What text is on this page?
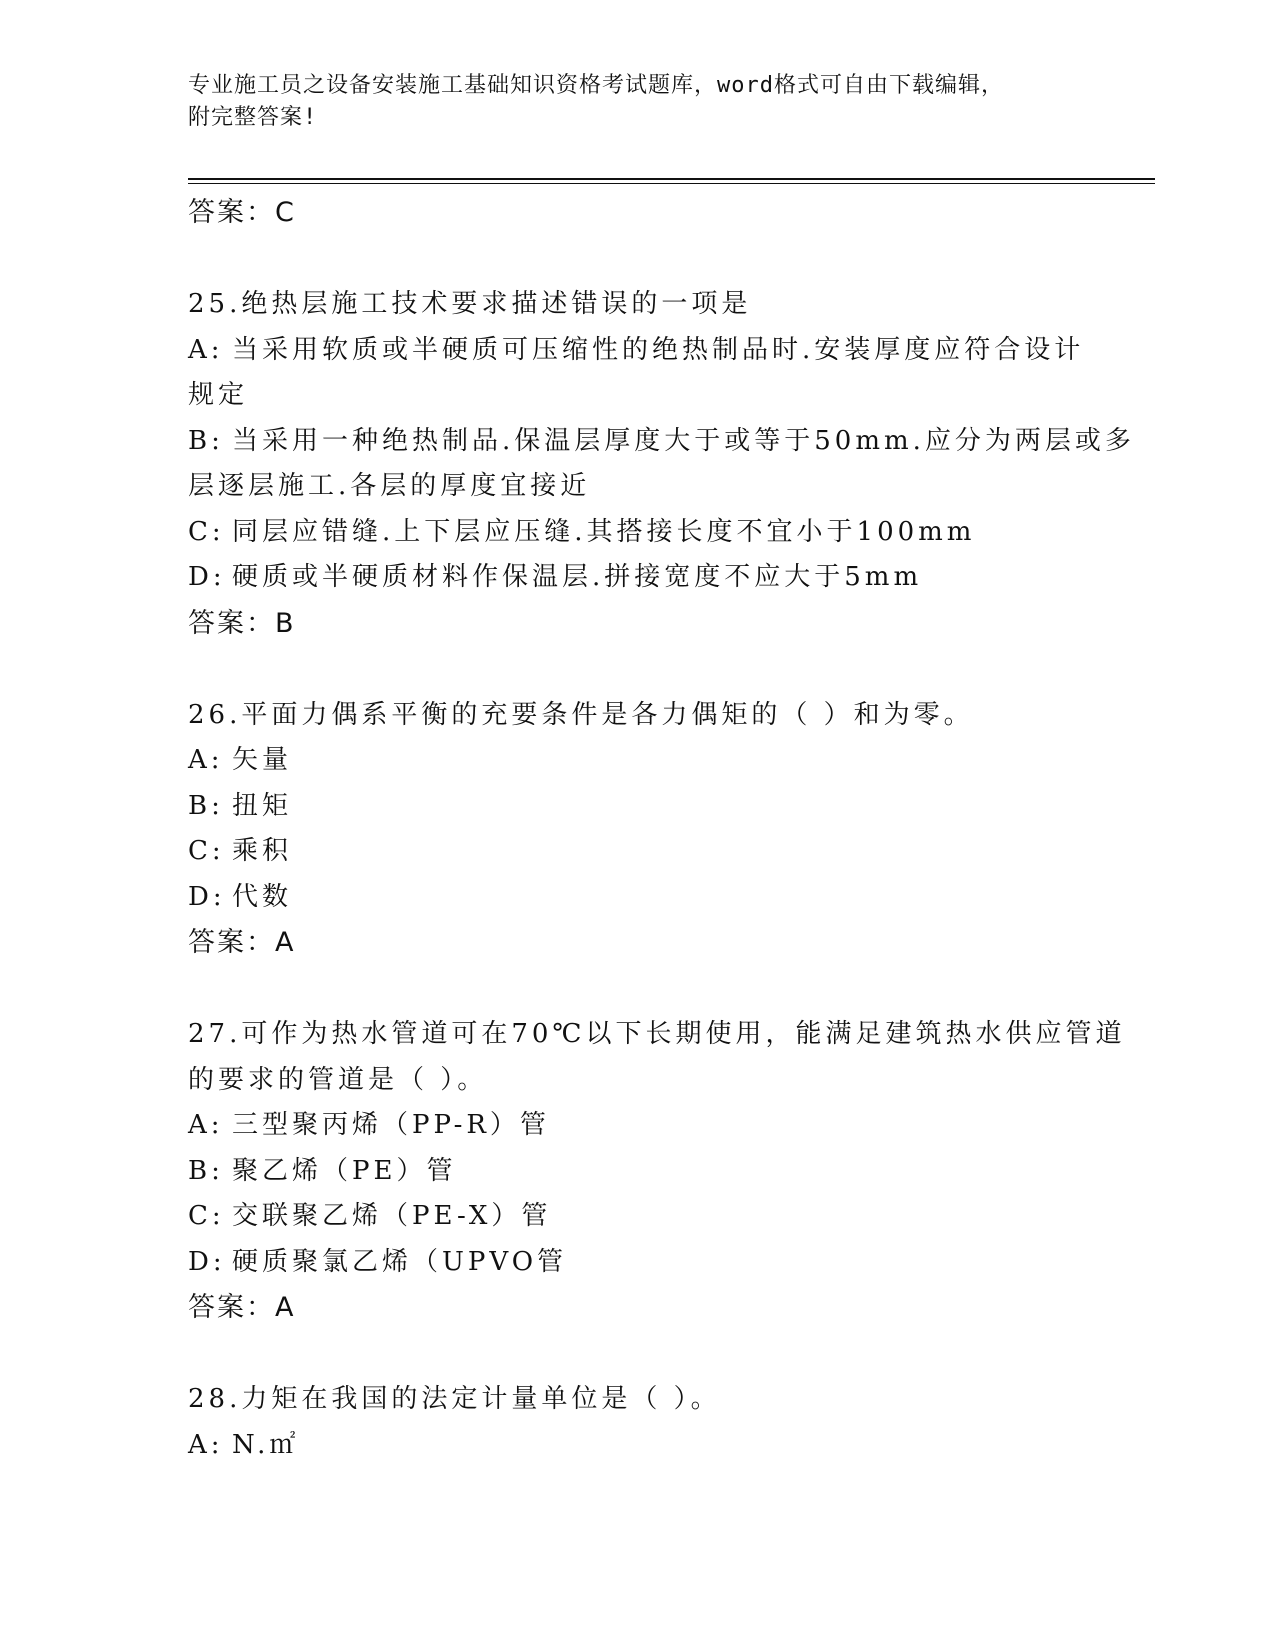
专业施工员之设备安装施工基础知识资格考试题库，word格式可自由下载编辑，
附完整答案!
答案：C
25.绝热层施工技术要求描述错误的一项是
A: 当采用软质或半硬质可压缩性的绝热制品时.安装厚度应符合设计
规定
B: 当采用一种绝热制品.保温层厚度大于或等于50mm.应分为两层或多
层逐层施工.各层的厚度宜接近
C: 同层应错缝.上下层应压缝.其搭接长度不宜小于100mm
D: 硬质或半硬质材料作保温层.拼接宽度不应大于5mm
答案：B
26.平面力偶系平衡的充要条件是各力偶矩的（ ）和为零。
A: 矢量
B: 扭矩
C: 乘积
D: 代数
答案：A
27.可作为热水管道可在70℃以下长期使用，能满足建筑热水供应管道
的要求的管道是（ ）。
A: 三型聚丙烯（PP-R）管
B: 聚乙烯（PE）管
C: 交联聚乙烯（PE-X）管
D: 硬质聚氯乙烯（UPVO管
答案：A
28.力矩在我国的法定计量单位是（ ）。
A: N.㎡
